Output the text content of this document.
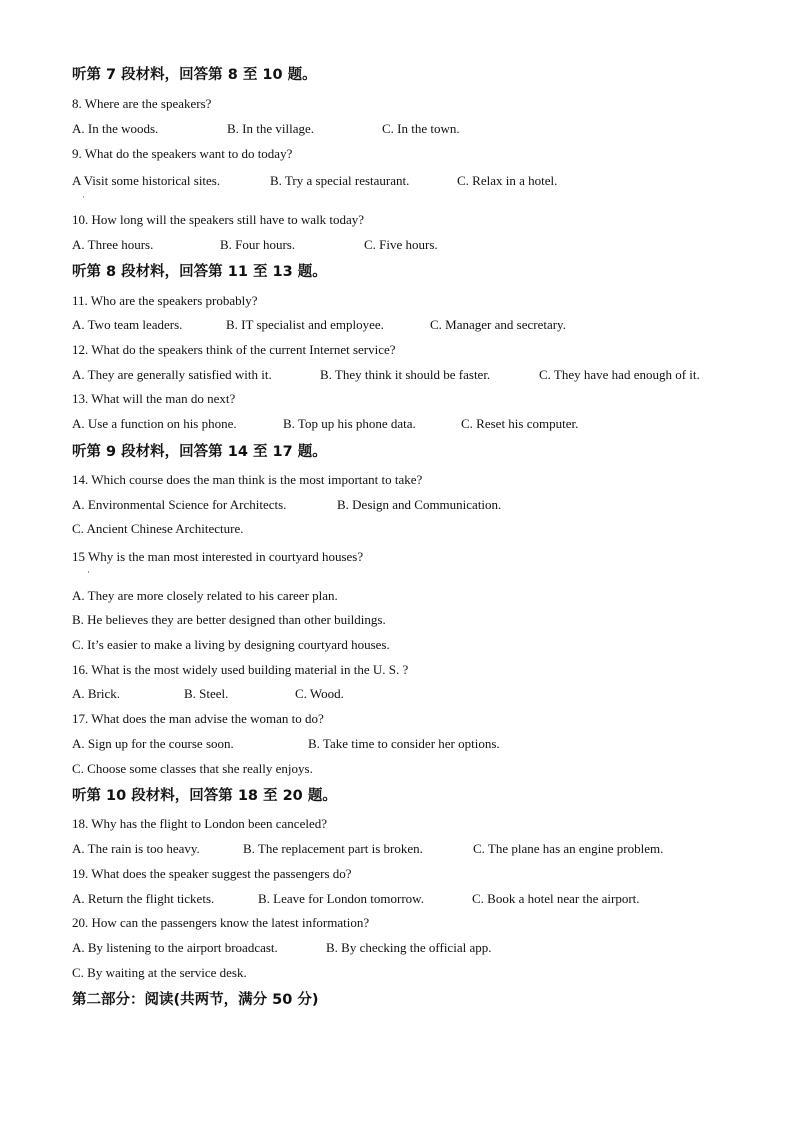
听第 7 段材料，回答第 8 至 10 题。
8. Where are the speakers?
A. In the woods.	B. In the village.	C. In the town.
9. What do the speakers want to do today?
A Visit some historical sites.	B. Try a special restaurant.	C. Relax in a hotel.
·
10. How long will the speakers still have to walk today?
A. Three hours.	B. Four hours.	C. Five hours.
听第 8 段材料，回答第 11 至 13 题。
11. Who are the speakers probably?
A. Two team leaders.	B. IT specialist and employee.	C. Manager and secretary.
12. What do the speakers think of the current Internet service?
A. They are generally satisfied with it.	B. They think it should be faster.	C. They have had enough of it.
13. What will the man do next?
A. Use a function on his phone.	B. Top up his phone data.	C. Reset his computer.
听第 9 段材料，回答第 14 至 17 题。
14. Which course does the man think is the most important to take?
A. Environmental Science for Architects.	B. Design and Communication.
C. Ancient Chinese Architecture.
15 Why is the man most interested in courtyard houses?
·
A. They are more closely related to his career plan.
B. He believes they are better designed than other buildings.
C. It’s easier to make a living by designing courtyard houses.
16. What is the most widely used building material in the U. S. ?
A. Brick.	B. Steel.	C. Wood.
17. What does the man advise the woman to do?
A. Sign up for the course soon.	B. Take time to consider her options.
C. Choose some classes that she really enjoys.
听第 10 段材料，回答第 18 至 20 题。
18. Why has the flight to London been canceled?
A. The rain is too heavy.	B. The replacement part is broken.	C. The plane has an engine problem.
19. What does the speaker suggest the passengers do?
A. Return the flight tickets.	B. Leave for London tomorrow.	C. Book a hotel near the airport.
20. How can the passengers know the latest information?
A. By listening to the airport broadcast.	B. By checking the official app.
C. By waiting at the service desk.
第二部分：阅读(共两节，满分 50 分)
